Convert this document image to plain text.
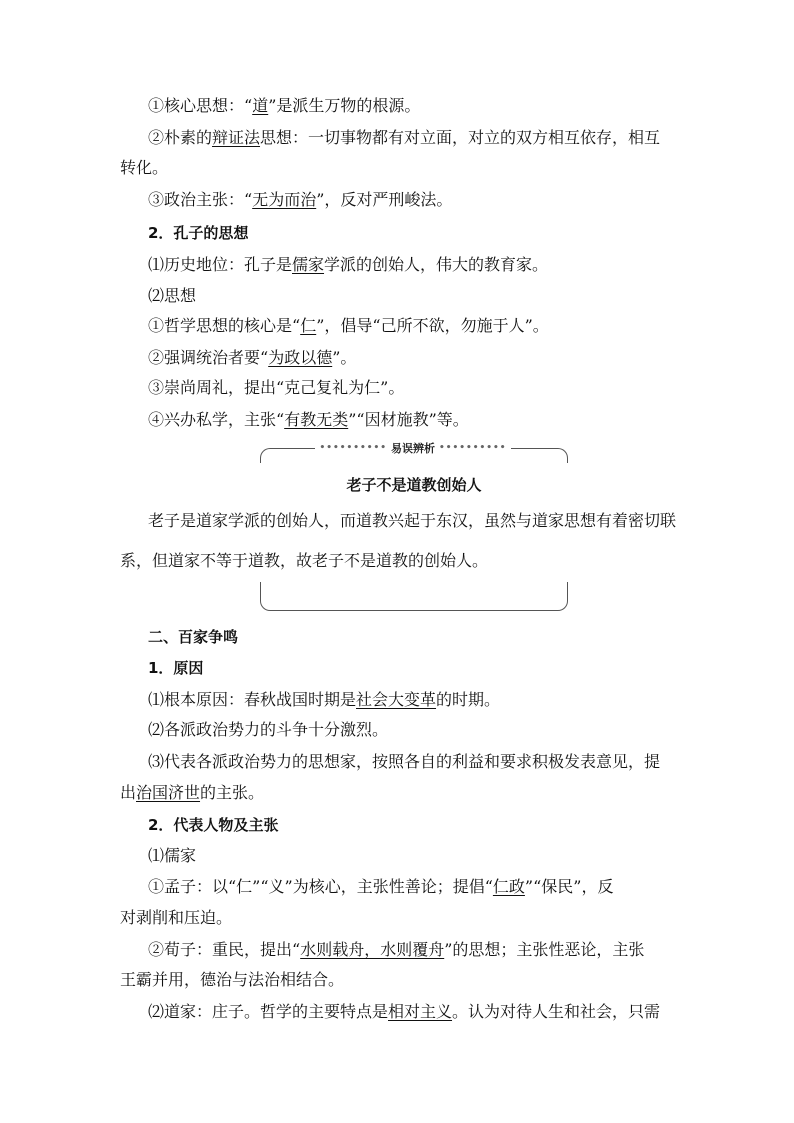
①核心思想：“道”是派生万物的根源。
②朴素的辩证法思想：一切事物都有对立面，对立的双方相互依存，相互
转化。
③政治主张：“无为而治”，反对严刑峻法。
2．孔子的思想
⑴历史地位：孔子是儒家学派的创始人，伟大的教育家。
⑵思想
①哲学思想的核心是“仁”，倡导“己所不欲，勿施于人”。
②强调统治者要“为政以德”。
③崇尚周礼，提出“克己复礼为仁”。
④兴办私学，主张“有教无类”“因材施教”等。
•••••••••• 易误辨析 ••••••••••
老子不是道教创始人
老子是道家学派的创始人，而道教兴起于东汉，虽然与道家思想有着密切联
系，但道家不等于道教，故老子不是道教的创始人。
二、百家争鸣
1．原因
⑴根本原因：春秋战国时期是社会大变革的时期。
⑵各派政治势力的斗争十分激烈。
⑶代表各派政治势力的思想家，按照各自的利益和要求积极发表意见，提
出治国济世的主张。
2．代表人物及主张
⑴儒家
①孟子：以“仁”“义”为核心，主张性善论；提倡“仁政”“保民”，反
对剥削和压迫。
②荀子：重民，提出“水则载舟，水则覆舟”的思想；主张性恶论，主张
王霸并用，德治与法治相结合。
⑵道家：庄子。哲学的主要特点是相对主义。认为对待人生和社会，只需
